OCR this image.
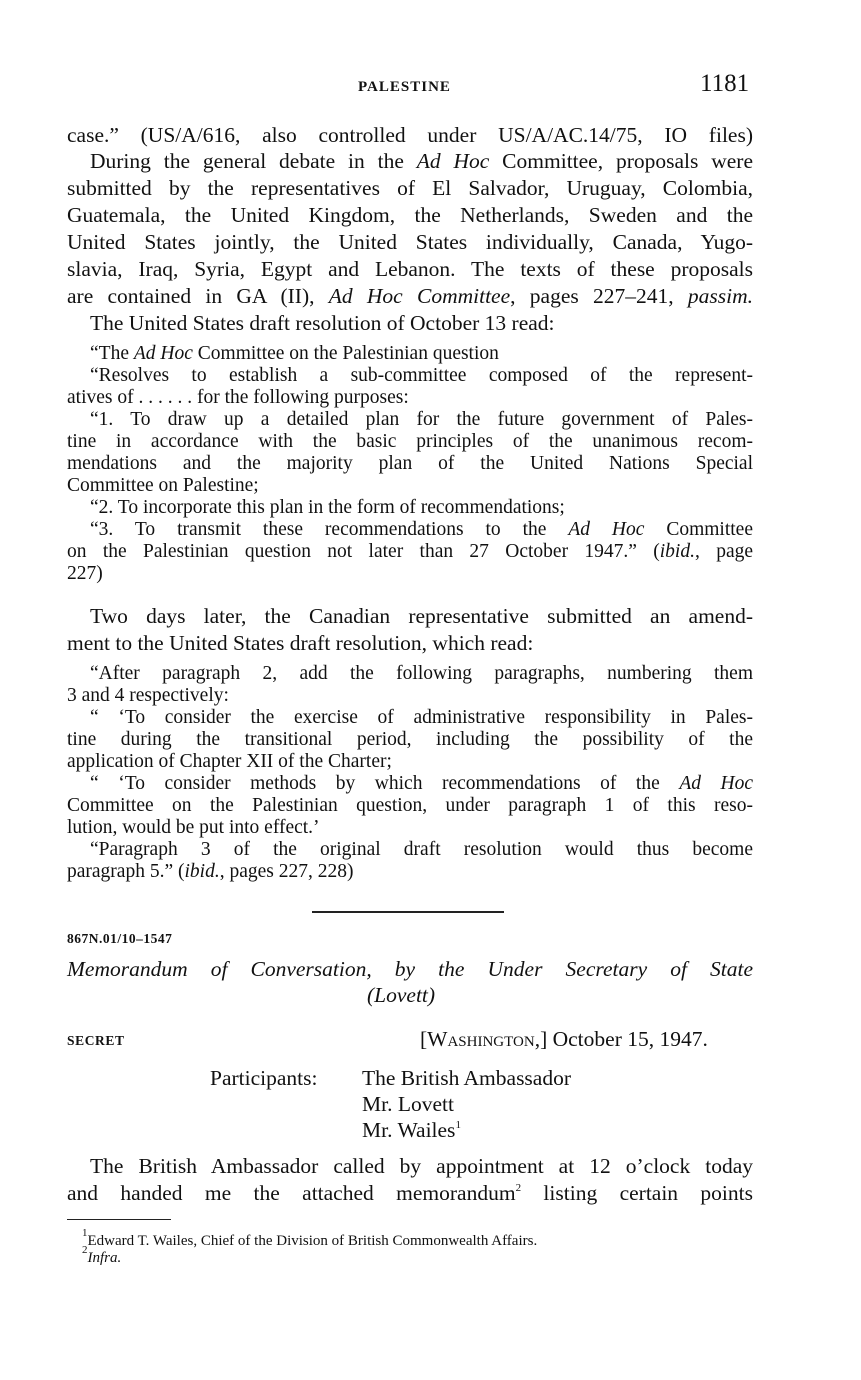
PALESTINE	1181
case.” (US/A/616, also controlled under US/A/AC.14/75, IO files)
During the general debate in the Ad Hoc Committee, proposals were
submitted by the representatives of El Salvador, Uruguay, Colombia,
Guatemala, the United Kingdom, the Netherlands, Sweden and the
United States jointly, the United States individually, Canada, Yugo-
slavia, Iraq, Syria, Egypt and Lebanon. The texts of these proposals
are contained in GA (II), Ad Hoc Committee, pages 227–241, passim.
The United States draft resolution of October 13 read:
“The Ad Hoc Committee on the Palestinian question
“Resolves to establish a sub-committee composed of the represent-
atives of . . . . . . for the following purposes:
“1. To draw up a detailed plan for the future government of Pales-
tine in accordance with the basic principles of the unanimous recom-
mendations and the majority plan of the United Nations Special
Committee on Palestine;
“2. To incorporate this plan in the form of recommendations;
“3. To transmit these recommendations to the Ad Hoc Committee
on the Palestinian question not later than 27 October 1947.” (ibid., page
227)
Two days later, the Canadian representative submitted an amend-
ment to the United States draft resolution, which read:
“After paragraph 2, add the following paragraphs, numbering them
3 and 4 respectively:
“ ‘To consider the exercise of administrative responsibility in Pales-
tine during the transitional period, including the possibility of the
application of Chapter XII of the Charter;
“ ‘To consider methods by which recommendations of the Ad Hoc
Committee on the Palestinian question, under paragraph 1 of this reso-
lution, would be put into effect.’
“Paragraph 3 of the original draft resolution would thus become
paragraph 5.” (ibid., pages 227, 228)
867N.01/10–1547
Memorandum of Conversation, by the Under Secretary of State
(Lovett)
SECRET	[Washington,] October 15, 1947.
Participants: The British Ambassador
Mr. Lovett
Mr. Wailes$^1$
The British Ambassador called by appointment at 12 o’clock today
and handed me the attached memorandum$^2$ listing certain points
$^1$Edward T. Wailes, Chief of the Division of British Commonwealth Affairs.
$^2$Infra.
